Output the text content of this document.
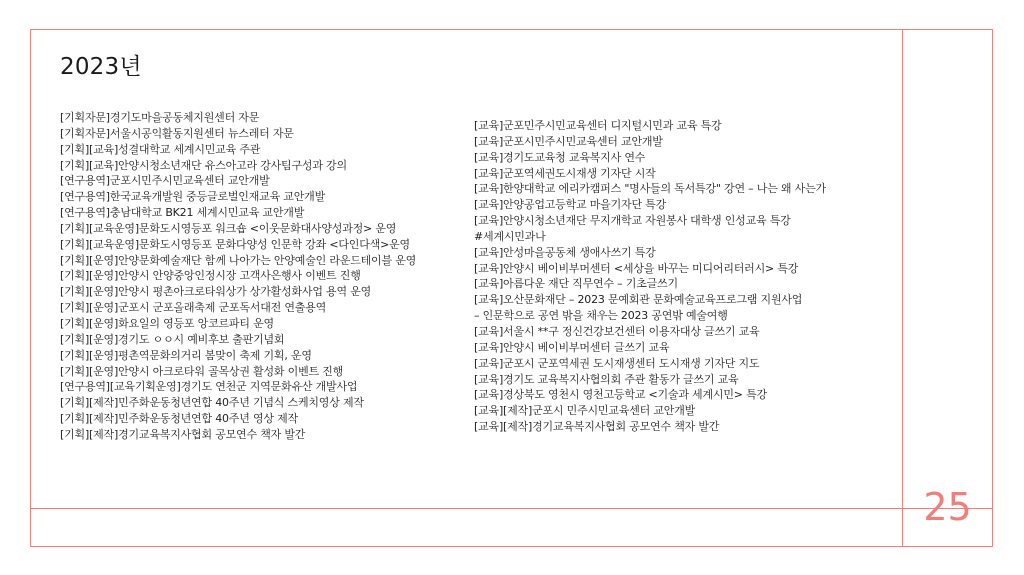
2023년
[기획자문]경기도마을공동체지원센터 자문
[기획자문]서울시공익활동지원센터 뉴스레터 자문
[기획][교육]성결대학교 세계시민교육 주관
[기획][교육]안양시청소년재단 유스아고라 강사팀구성과 강의
[연구용역]군포시민주시민교육센터 교안개발
[연구용역]한국교육개발원 중등글로벌인재교육 교안개발
[연구용역]충남대학교 BK21 세계시민교육 교안개발
[기획][교육운영]문화도시영등포 워크숍 <이웃문화대사양성과정> 운영
[기획][교육운영]문화도시영등포 문화다양성 인문학 강좌 <다인다색>운영
[기획][운영]안양문화예술재단 함께 나아가는 안양예술인 라운드테이블 운영
[기획][운영]안양시 안양중앙인정시장 고객사은행사 이벤트 진행
[기획][운영]안양시 평촌아크로타워상가 상가활성화사업 용역 운영
[기획][운영]군포시 군포올래축제 군포독서대전 연출용역
[기획][운영]화요일의 영등포 앙코르파티 운영
[기획][운영]경기도 ㅇㅇ시 예비후보 출판기념회
[기획][운영]평촌역문화의거리 봄맞이 축제 기획, 운영
[기획][운영]안양시 아크로타워 골목상권 활성화 이벤트 진행
[연구용역][교육기획운영]경기도 연천군 지역문화유산 개발사업
[기획][제작]민주화운동청년연합 40주년 기념식 스케치영상 제작
[기획][제작]민주화운동청년연합 40주년 영상 제작
[기획][제작]경기교육복지사협회 공모연수 책자 발간
[교육]군포민주시민교육센터 디지털시민과 교육 특강
[교육]군포시민주시민교육센터 교안개발
[교육]경기도교육청 교육복지사 연수
[교육]군포역세권도시재생 기자단 시작
[교육]한양대학교 에리카캠퍼스 "명사들의 독서특강" 강연 – 나는 왜 사는가
[교육]안양공업고등학교 마을기자단 특강
[교육]안양시청소년재단 무지개학교 자원봉사 대학생 인성교육 특강
#세계시민과나
[교육]안성마을공동체 생애사쓰기 특강
[교육]안양시 베이비부머센터 <세상을 바꾸는 미디어리터러시> 특강
[교육]아름다운 재단 직무연수 – 기초글쓰기
[교육]오산문화재단 – 2023 문예회관 문화예술교육프로그램 지원사업
– 인문학으로 공연 밖을 채우는 2023 공연밖 예술여행
[교육]서울시 **구 정신건강보건센터 이용자대상 글쓰기 교육
[교육]안양시 베이비부머센터 글쓰기 교육
[교육]군포시 군포역세권 도시재생센터 도시재생 기자단 지도
[교육]경기도 교육복지사협의회 주관 활동가 글쓰기 교육
[교육]경상북도 영천시 영천고등학교 <기술과 세계시민> 특강
[교육][제작]군포시 민주시민교육센터 교안개발
[교육][제작]경기교육복지사협회 공모연수 책자 발간
25
